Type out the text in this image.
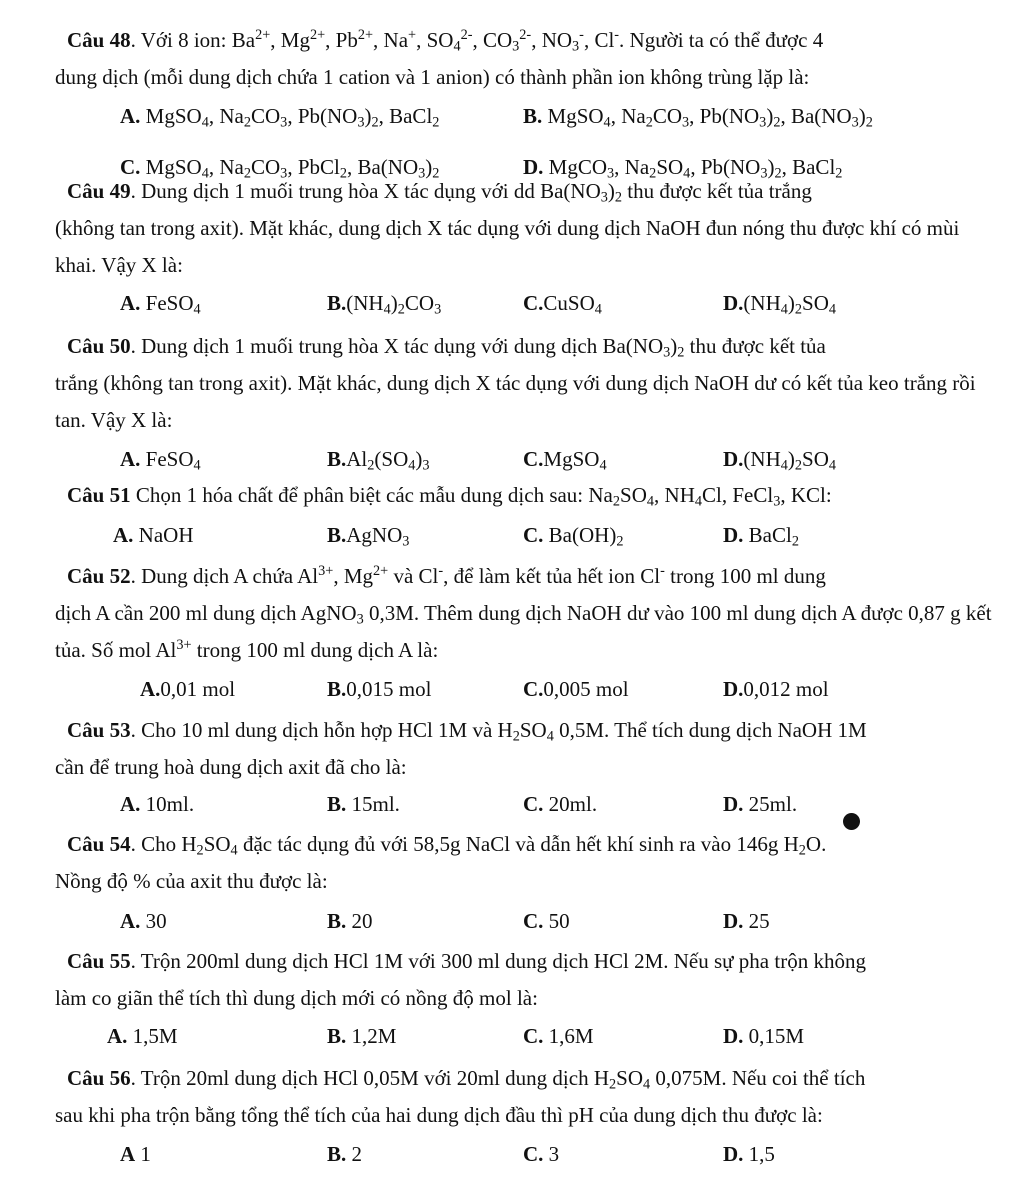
Câu 48. Với 8 ion: $Ba^{2+}$, $Mg^{2+}$, $Pb^{2+}$, Na+, $SO_4^{2-}$, $CO_3^{2-}$, $NO_3^-$, Cl-. Người ta có thể được 4
dung dịch (mỗi dung dịch chứa 1 cation và 1 anion) có thành phần ion không trùng lặp là:

A. MgSO$_4$, $Na_2CO_3$, $Pb(NO_3)_2$, BaCl$_2$	B. MgSO$_4$, $Na_2CO_3$, $Pb(NO_3)_2$, $Ba(NO_3)_2$
C. MgSO$_4$, $Na_2CO_3$, PbCl$_2$, $Ba(NO_3)_2$	D. MgCO$_3$, $Na_2SO_4$, $Pb(NO_3)_2$, BaCl$_2$

Câu 49. Dung dịch 1 muối trung hòa X tác dụng với dd $Ba(NO_3)_2$ thu được kết tủa trắng
(không tan trong axit). Mặt khác, dung dịch X tác dụng với dung dịch NaOH đun nóng thu được khí có mùi khai. Vậy X là:

A. FeSO$_4$	$B.(NH_4)_2CO_3$	C.CuSO$_4$	$D.(NH_4)_2SO_4$

Câu 50. Dung dịch 1 muối trung hòa X tác dụng với dung dịch $Ba(NO_3)_2$ thu được kết tủa
trắng (không tan trong axit). Mặt khác, dung dịch X tác dụng với dung dịch NaOH dư có kết tủa keo trắng rồi tan. Vậy X là:

A. FeSO$_4$	$B.Al_2(SO_4)_3$	C.MgSO$_4$	$D.(NH_4)_2SO_4$

Câu 51 Chọn 1 hóa chất để phân biệt các mẫu dung dịch sau: $Na_2SO_4$, $NH_4Cl$, FeCl$_3$, KCl:

A. NaOH	B.AgNO$_3$	C. $Ba(OH)_2$	D. BaCl$_2$

Câu 52. Dung dịch A chứa $Al^{3+}$, $Mg^{2+}$ và Cl-, để làm kết tủa hết ion Cl- trong 100 ml dung
dịch A cần 200 ml dung dịch AgNO$_3$ 0,3M. Thêm dung dịch NaOH dư vào 100 ml dung dịch A được 0,87 g kết tủa. Số mol $Al^{3+}$ trong 100 ml dung dịch A là:

A.0,01 mol	B.0,015 mol	C.0,005 mol	D.0,012 mol

Câu 53. Cho 10 ml dung dịch hỗn hợp HCl 1M và $H_2SO_4$ 0,5M. Thể tích dung dịch NaOH 1M
cần để trung hoà dung dịch axit đã cho là:

A. 10ml.	B. 15ml.	C. 20ml.	D. 25ml.

Câu 54. Cho $H_2SO_4$ đặc tác dụng đủ với 58,5g NaCl và dẫn hết khí sinh ra vào 146g $H_2O$.
Nồng độ % của axit thu được là:

A. 30	B. 20	C. 50	D. 25

Câu 55. Trộn 200ml dung dịch HCl 1M với 300 ml dung dịch HCl 2M. Nếu sự pha trộn không
làm co giãn thể tích thì dung dịch mới có nồng độ mol là:

A. 1,5M	B. 1,2M	C. 1,6M	D. 0,15M

Câu 56. Trộn 20ml dung dịch HCl 0,05M với 20ml dung dịch $H_2SO_4$ 0,075M. Nếu coi thể tích
sau khi pha trộn bằng tổng thể tích của hai dung dịch đầu thì pH của dung dịch thu được là:

A 1	B. 2	C. 3	D. 1,5
